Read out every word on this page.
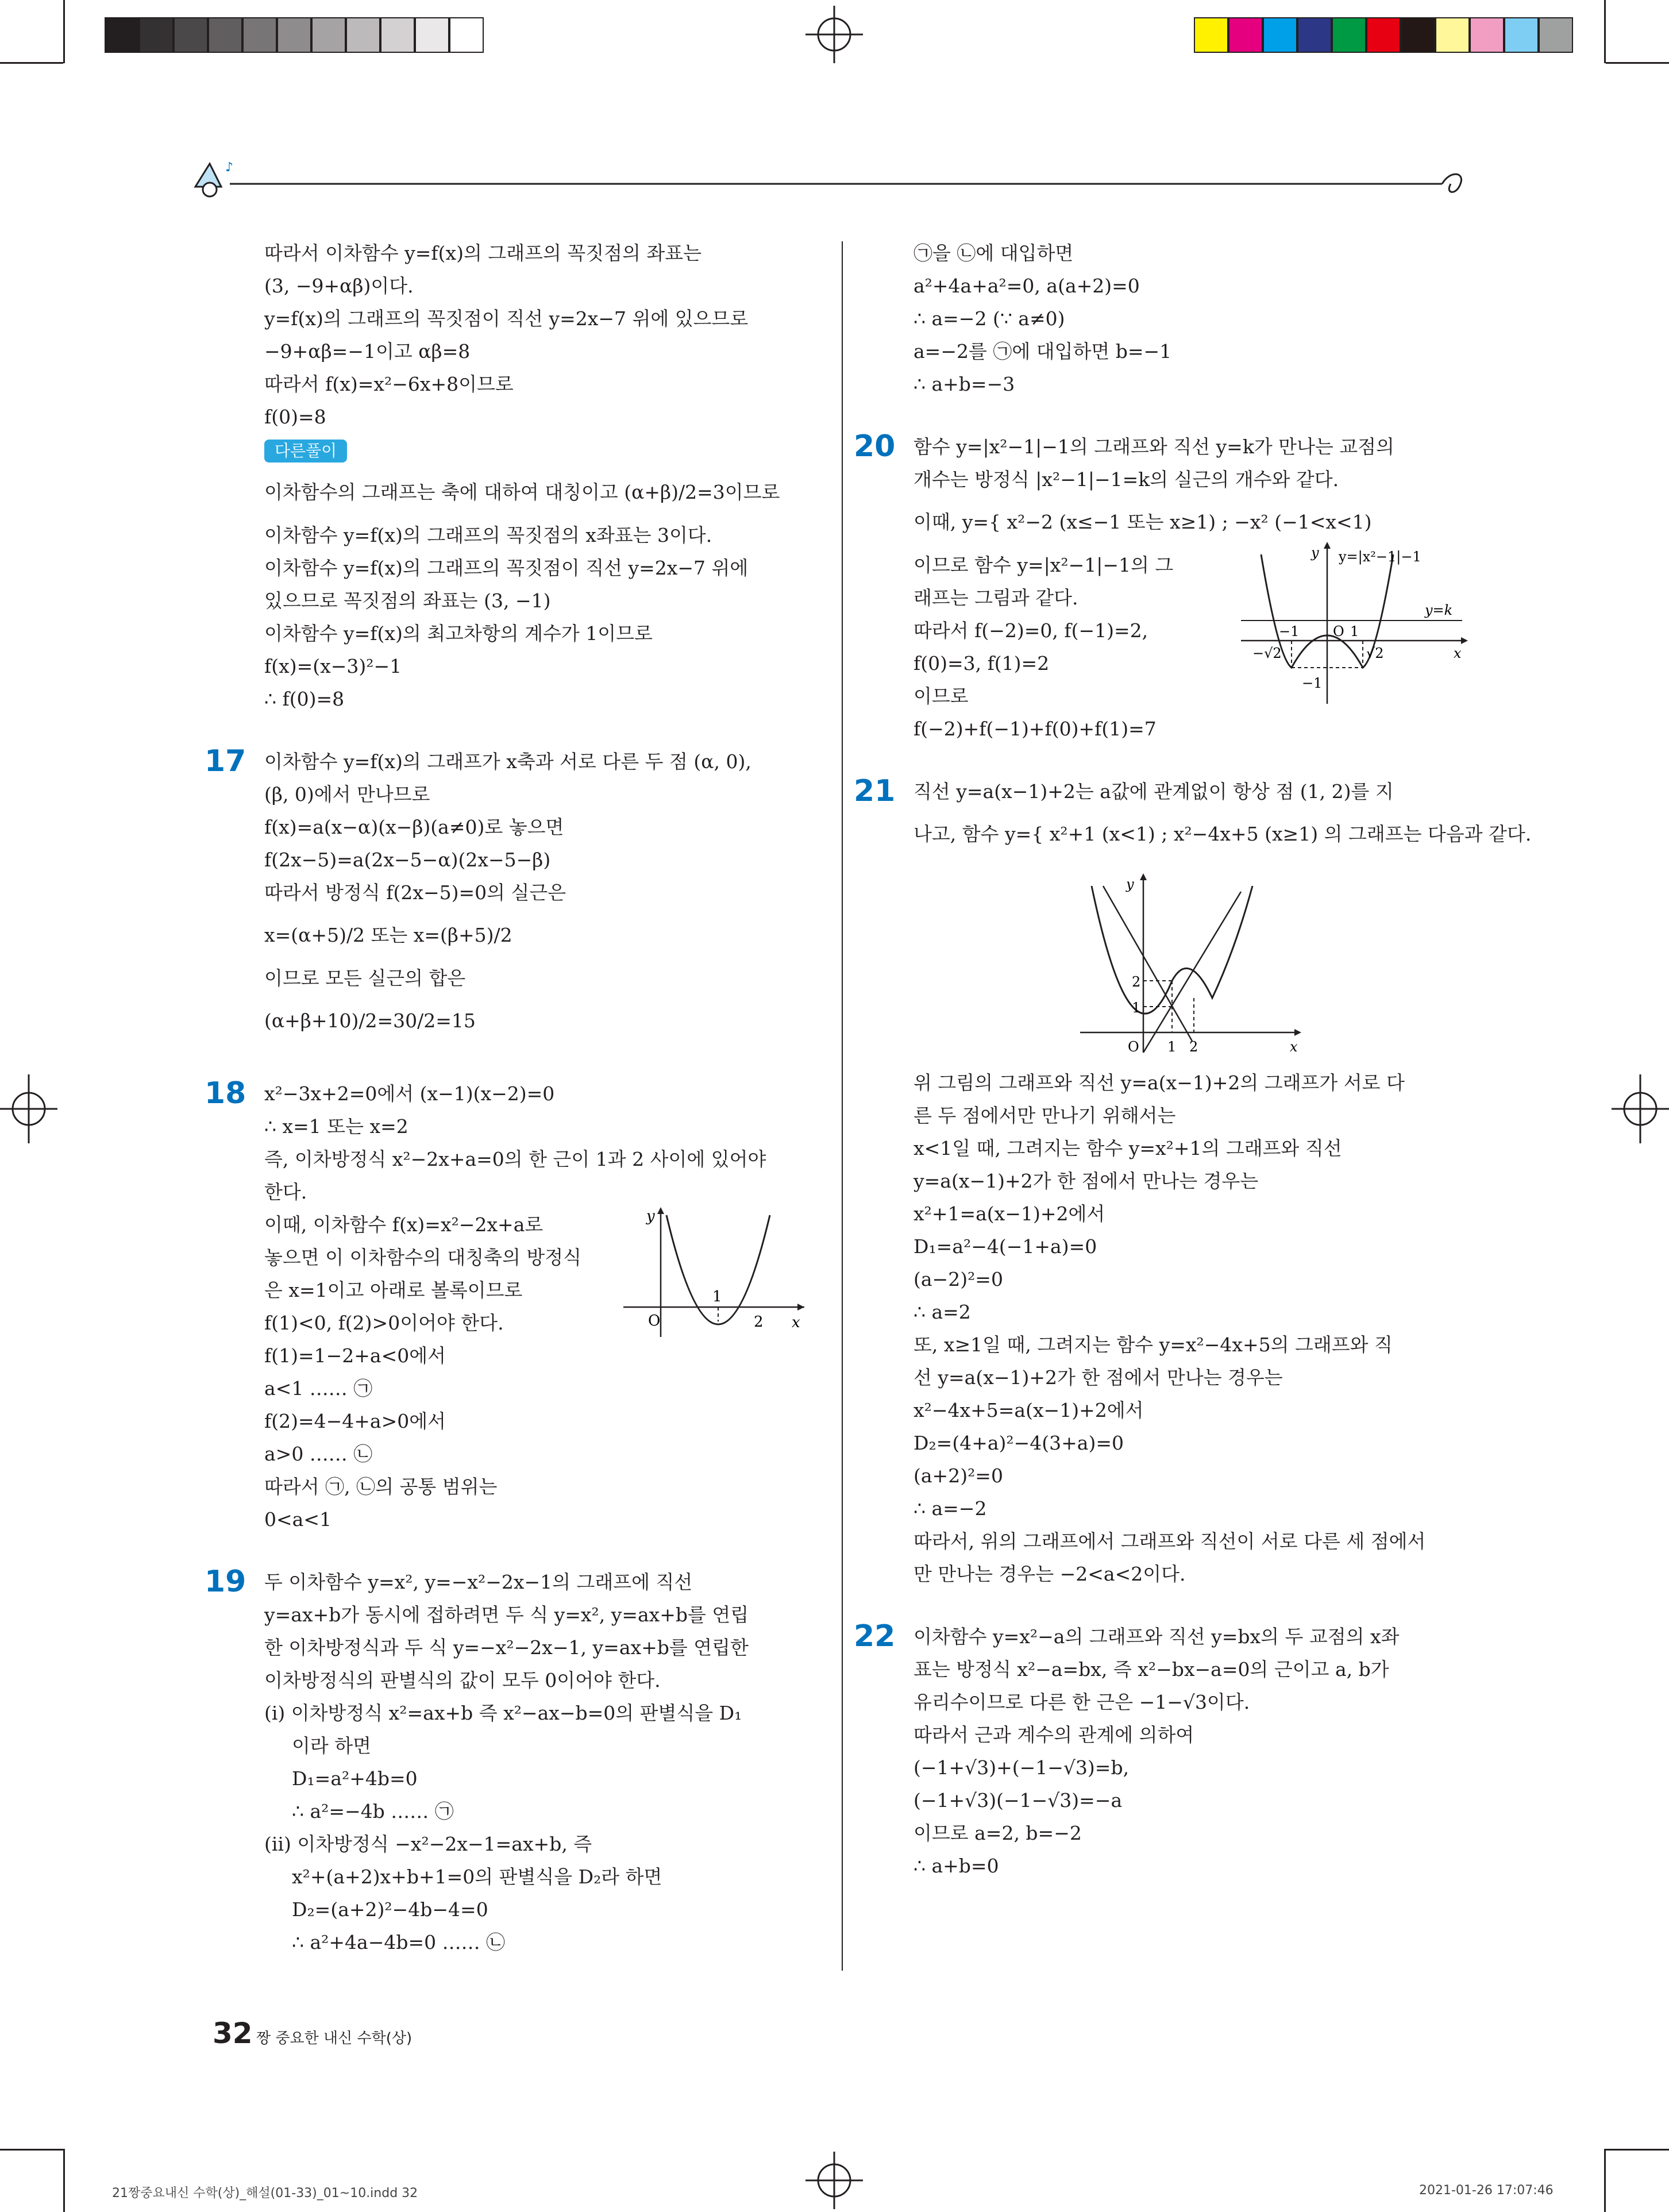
♪
따라서 이차함수 y=f(x)의 그래프의 꼭짓점의 좌표는
(3, −9+αβ)이다.
y=f(x)의 그래프의 꼭짓점이 직선 y=2x−7 위에 있으므로
−9+αβ=−1이고 αβ=8
따라서 f(x)=x²−6x+8이므로
f(0)=8
다른풀이
이차함수의 그래프는 축에 대하여 대칭이고 (α+β)/2=3이므로
이차함수 y=f(x)의 그래프의 꼭짓점의 x좌표는 3이다.
이차함수 y=f(x)의 그래프의 꼭짓점이 직선 y=2x−7 위에
있으므로 꼭짓점의 좌표는 (3, −1)
이차함수 y=f(x)의 최고차항의 계수가 1이므로
f(x)=(x−3)²−1
∴ f(0)=8
17 이차함수 y=f(x)의 그래프가 x축과 서로 다른 두 점 (α, 0),
(β, 0)에서 만나므로
f(x)=a(x−α)(x−β)(a≠0)로 놓으면
f(2x−5)=a(2x−5−α)(2x−5−β)
따라서 방정식 f(2x−5)=0의 실근은
x=(α+5)/2 또는 x=(β+5)/2
이므로 모든 실근의 합은
(α+β+10)/2=30/2=15
18 x²−3x+2=0에서 (x−1)(x−2)=0
∴ x=1 또는 x=2
즉, 이차방정식 x²−2x+a=0의 한 근이 1과 2 사이에 있어야
한다.
이때, 이차함수 f(x)=x²−2x+a로	y
x
O
1
2
놓으면 이 이차함수의 대칭축의 방정식
은 x=1이고 아래로 볼록이므로
f(1)<0, f(2)>0이어야 한다.
f(1)=1−2+a<0에서
a<1 …… ㉠
f(2)=4−4+a>0에서
a>0 …… ㉡
따라서 ㉠, ㉡의 공통 범위는
0<a<1
19 두 이차함수 y=x², y=−x²−2x−1의 그래프에 직선
y=ax+b가 동시에 접하려면 두 식 y=x², y=ax+b를 연립
한 이차방정식과 두 식 y=−x²−2x−1, y=ax+b를 연립한
이차방정식의 판별식의 값이 모두 0이어야 한다.
(ⅰ) 이차방정식 x²=ax+b 즉 x²−ax−b=0의 판별식을 D₁
이라 하면
D₁=a²+4b=0
∴ a²=−4b …… ㉠
(ⅱ) 이차방정식 −x²−2x−1=ax+b, 즉
x²+(a+2)x+b+1=0의 판별식을 D₂라 하면
D₂=(a+2)²−4b−4=0
∴ a²+4a−4b=0 …… ㉡
㉠을 ㉡에 대입하면
a²+4a+a²=0, a(a+2)=0
∴ a=−2 (∵ a≠0)
a=−2를 ㉠에 대입하면 b=−1
∴ a+b=−3
20 함수 y=|x²−1|−1의 그래프와 직선 y=k가 만나는 교점의
개수는 방정식 |x²−1|−1=k의 실근의 개수와 같다.
이때, y={ x²−2 (x≤−1 또는 x≥1) ; −x² (−1<x<1)
이므로 함수 y=|x²−1|−1의 그
y y=|x²−1|−1
y=k
x
−1 O 1
−√2	√2
−1
래프는 그림과 같다.
따라서 f(−2)=0, f(−1)=2,
f(0)=3, f(1)=2
이므로
f(−2)+f(−1)+f(0)+f(1)=7
21 직선 y=a(x−1)+2는 a값에 관계없이 항상 점 (1, 2)를 지
나고, 함수 y={ x²+1 (x<1) ; x²−4x+5 (x≥1) 의 그래프는 다음과 같다.
y
x
O 1 2
1
2
위 그림의 그래프와 직선 y=a(x−1)+2의 그래프가 서로 다
른 두 점에서만 만나기 위해서는
x<1일 때, 그려지는 함수 y=x²+1의 그래프와 직선
y=a(x−1)+2가 한 점에서 만나는 경우는
x²+1=a(x−1)+2에서
D₁=a²−4(−1+a)=0
(a−2)²=0
∴ a=2
또, x≥1일 때, 그려지는 함수 y=x²−4x+5의 그래프와 직
선 y=a(x−1)+2가 한 점에서 만나는 경우는
x²−4x+5=a(x−1)+2에서
D₂=(4+a)²−4(3+a)=0
(a+2)²=0
∴ a=−2
따라서, 위의 그래프에서 그래프와 직선이 서로 다른 세 점에서
만 만나는 경우는 −2<a<2이다.
22 이차함수 y=x²−a의 그래프와 직선 y=bx의 두 교점의 x좌
표는 방정식 x²−a=bx, 즉 x²−bx−a=0의 근이고 a, b가
유리수이므로 다른 한 근은 −1−√3이다.
따라서 근과 계수의 관계에 의하여
(−1+√3)+(−1−√3)=b,
(−1+√3)(−1−√3)=−a
이므로 a=2, b=−2
∴ a+b=0
32 짱 중요한 내신 수학(상)
21짱중요내신 수학(상)_해설(01-33)_01~10.indd 32	2021-01-26 17:07:46
